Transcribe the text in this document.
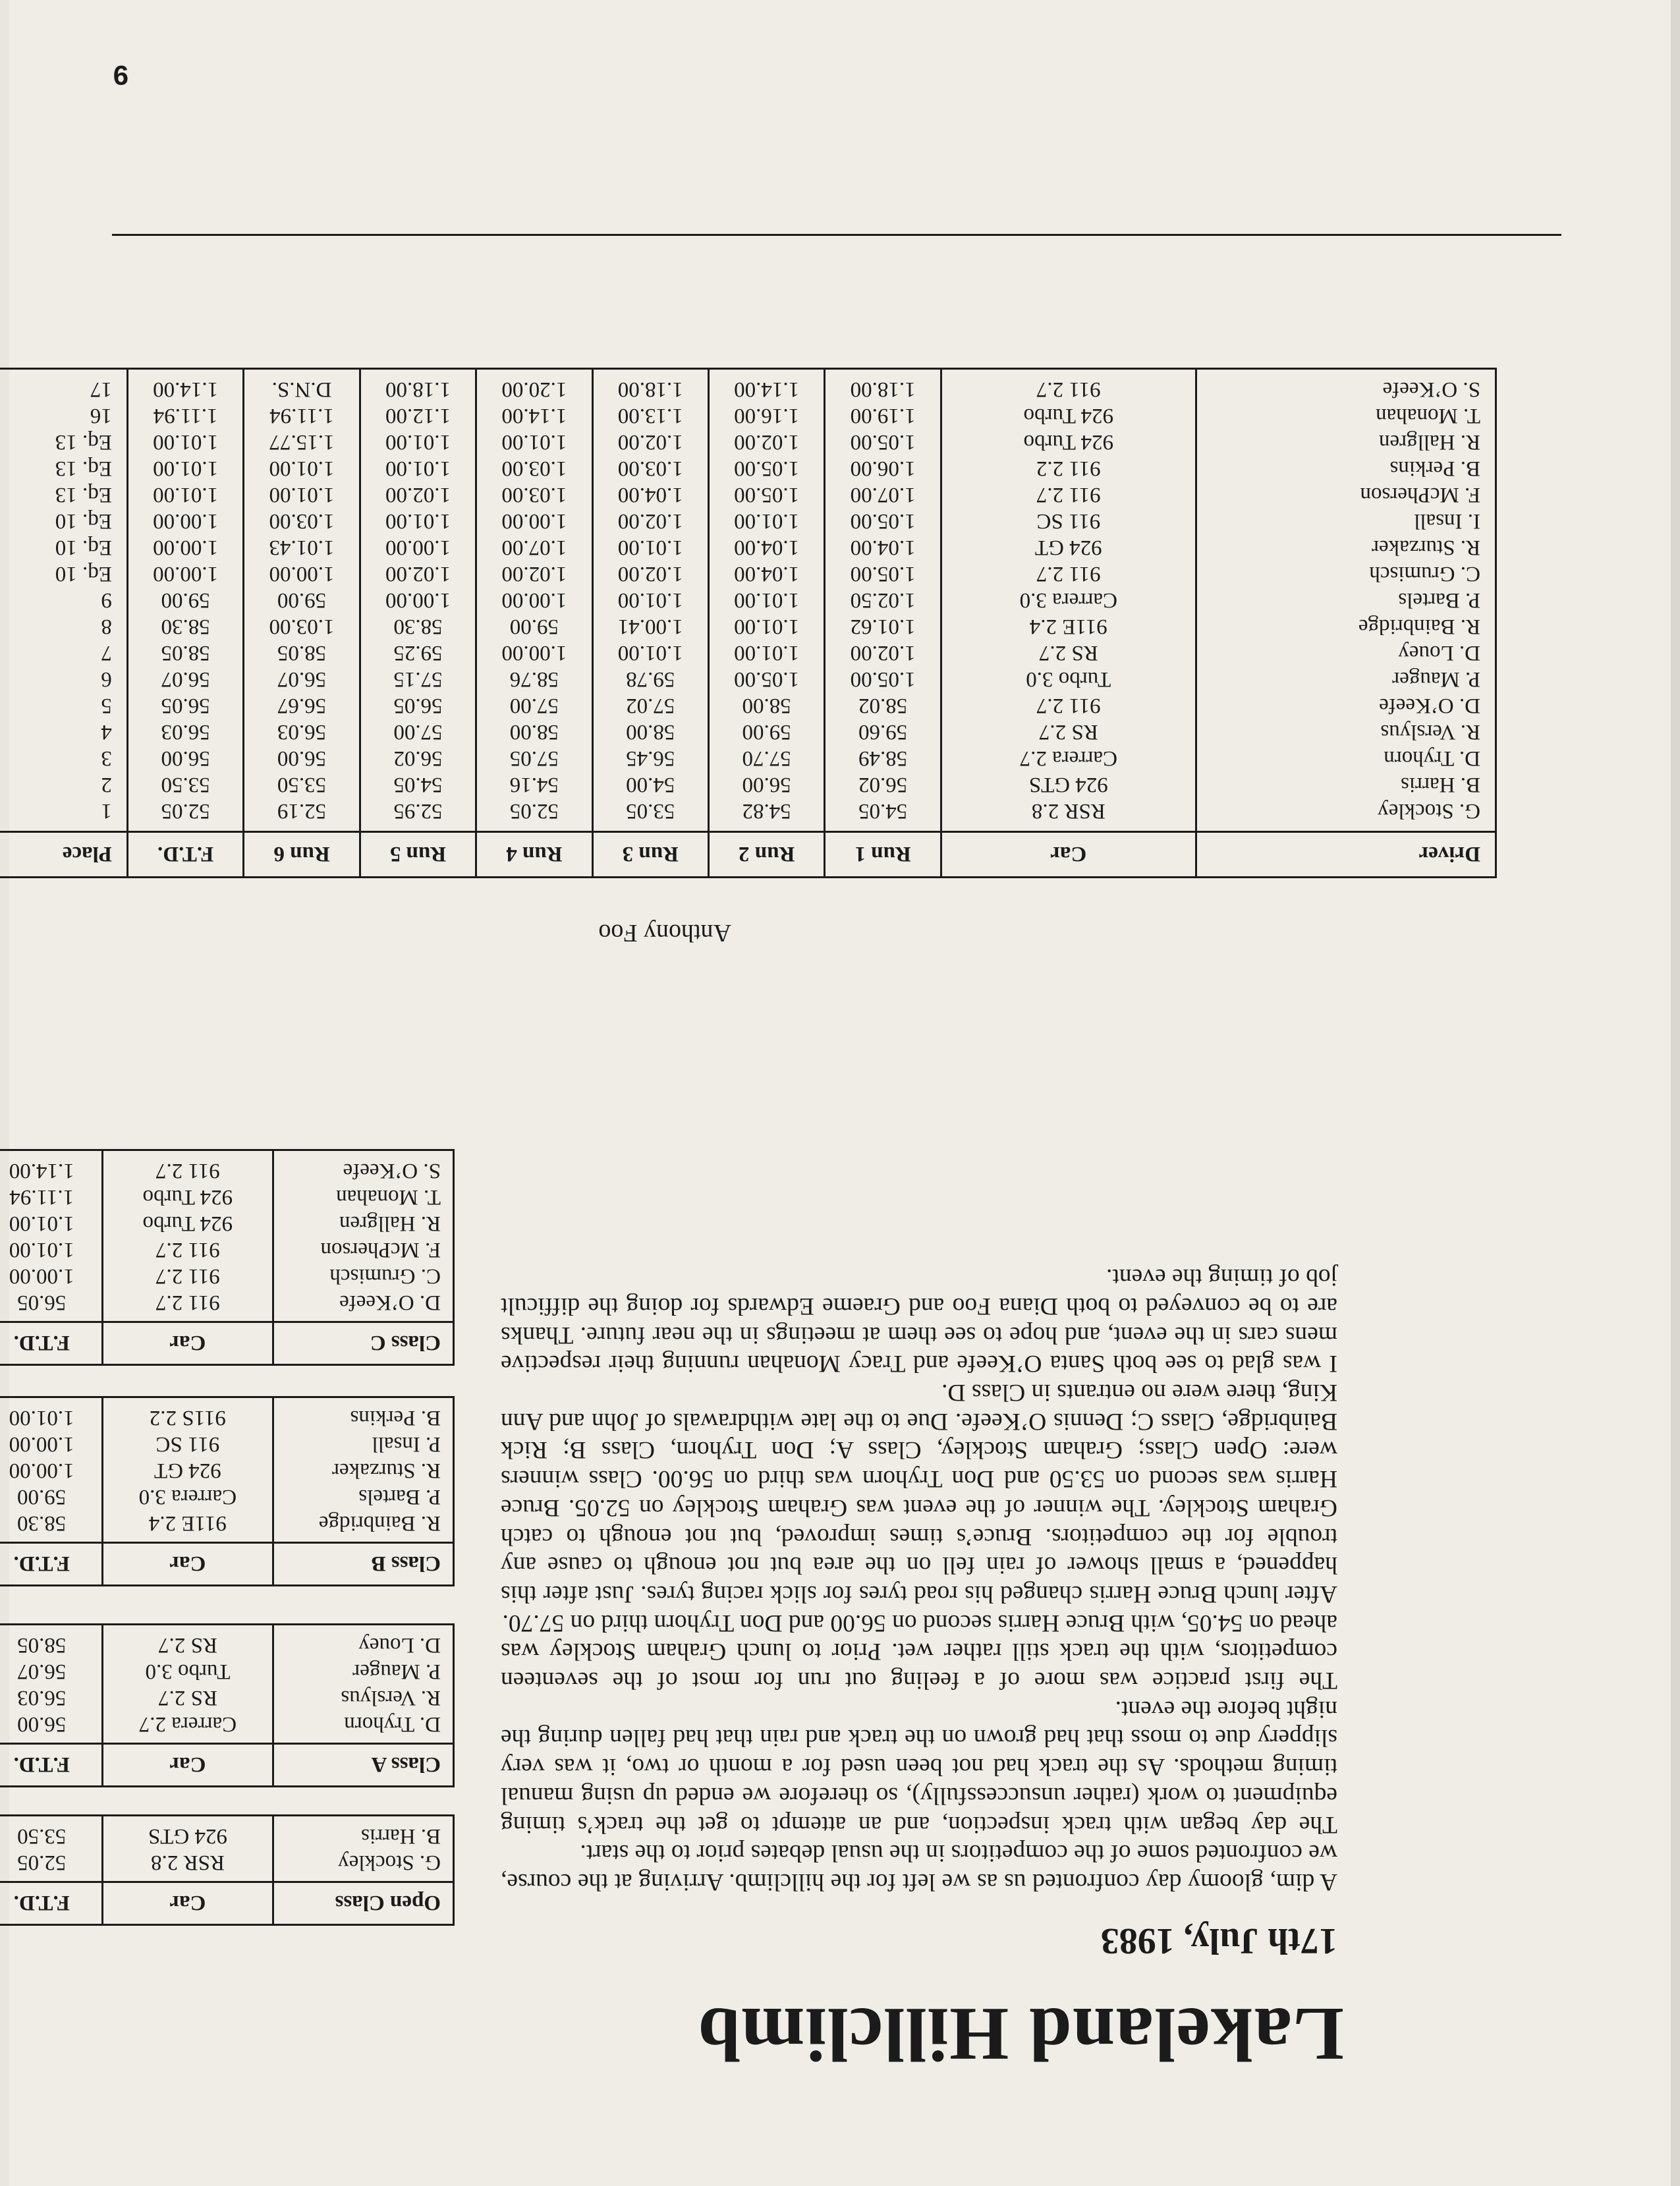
Lakeland Hillclimb
17th July, 1983

A dim, gloomy day confronted us as we left for the hillclimb. Arriving at the course, we confronted some of the competitors in the usual debates prior to the start.

The day began with track inspection, and an attempt to get the track’s timing equipment to work (rather unsuccessfully), so therefore we ended up using manual timing methods. As the track had not been used for a month or two, it was very slippery due to moss that had grown on the track and rain that had fallen during the night before the event.

The first practice was more of a feeling out run for most of the seventeen competitors, with the track still rather wet. Prior to lunch Graham Stockley was ahead on 54.05, with Bruce Harris second on 56.00 and Don Tryhorn third on 57.70.

After lunch Bruce Harris changed his road tyres for slick racing tyres. Just after this happened, a small shower of rain fell on the area but not enough to cause any trouble for the competitors. Bruce’s times improved, but not enough to catch Graham Stockley. The winner of the event was Graham Stockley on 52.05. Bruce Harris was second on 53.50 and Don Tryhorn was third on 56.00. Class winners were: Open Class; Graham Stockley, Class A; Don Tryhorn, Class B; Rick Bainbridge, Class C; Dennis O’Keefe. Due to the late withdrawals of John and Ann King, there were no entrants in Class D.

I was glad to see both Santa O’Keefe and Tracy Monahan running their respective mens cars in the event, and hope to see them at meetings in the near future. Thanks are to be conveyed to both Diana Foo and Graeme Edwards for doing the difficult job of timing the event.

Anthony Foo
Open Class	Car	F.T.D.		
G. Stockley	RSR 2.8	52.05		
B. Harris	924 GTS	53.50		
Class A	Car	F.T.D.		
D. Tryhorn	Carrera 2.7	56.00		
R. Verslyus	RS 2.7	56.03		
P. Mauger	Turbo 3.0	56.07		
D. Louey	RS 2.7	58.05		
Class B	Car	F.T.D.		
R. Bainbridge	911E 2.4	58.30		
P. Bartels	Carrera 3.0	59.00		
R. Sturzaker	924 GT	1.00.00		
P. Insall	911 SC	1.00.00		
B. Perkins	911S 2.2	1.01.00		
Class C	Car	F.T.D.		
D. O’Keefe	911 2.7	56.05		
C. Grumisch	911 2.7	1.00.00		
F. McPherson	911 2.7	1.01.00		
R. Hallgren	924 Turbo	1.01.00		
T. Monahan	924 Turbo	1.11.94		
S. O’Keefe	911 2.7	1.14.00		
Driver	Car	Run 1	Run 2	Run 3	Run 4	Run 5	Run 6	F.T.D.	Place
G. Stockley	RSR 2.8	54.05	54.82	53.05	52.05	52.95	52.19	52.05	1
B. Harris	924 GTS	56.02	56.00	54.00	54.16	54.05	53.50	53.50	2
D. Tryhorn	Carrera 2.7	58.49	57.70	56.45	57.05	56.02	56.00	56.00	3
R. Verslyus	RS 2.7	59.60	59.00	58.00	58.00	57.00	56.03	56.03	4
D. O’Keefe	911 2.7	58.02	58.00	57.02	57.00	56.05	56.67	56.05	5
P. Mauger	Turbo 3.0	1.05.00	1.05.00	59.78	58.76	57.15	56.07	56.07	6
D. Louey	RS 2.7	1.02.00	1.01.00	1.01.00	1.00.00	59.25	58.05	58.05	7
R. Bainbridge	911E 2.4	1.01.62	1.01.00	1.00.41	59.00	58.30	1.03.00	58.30	8
P. Bartels	Carrera 3.0	1.02.50	1.01.00	1.01.00	1.00.00	1.00.00	59.00	59.00	9
C. Grumisch	911 2.7	1.05.00	1.04.00	1.02.00	1.02.00	1.02.00	1.00.00	1.00.00	Eq. 10
R. Sturzaker	924 GT	1.04.00	1.04.00	1.01.00	1.07.00	1.00.00	1.01.43	1.00.00	Eq. 10
I. Insall	911 SC	1.05.00	1.01.00	1.02.00	1.00.00	1.01.00	1.03.00	1.00.00	Eq. 10
F. McPherson	911 2.7	1.07.00	1.05.00	1.04.00	1.03.00	1.02.00	1.01.00	1.01.00	Eq. 13
B. Perkins	911 2.2	1.06.00	1.05.00	1.03.00	1.03.00	1.01.00	1.01.00	1.01.00	Eq. 13
R. Hallgren	924 Turbo	1.05.00	1.02.00	1.02.00	1.01.00	1.01.00	1.15.77	1.01.00	Eq. 13
T. Monahan	924 Turbo	1.19.00	1.16.00	1.13.00	1.14.00	1.12.00	1.11.94	1.11.94	16
S. O’Keefe	911 2.7	1.18.00	1.14.00	1.18.00	1.20.00	1.18.00	D.N.S.	1.14.00	17
9
